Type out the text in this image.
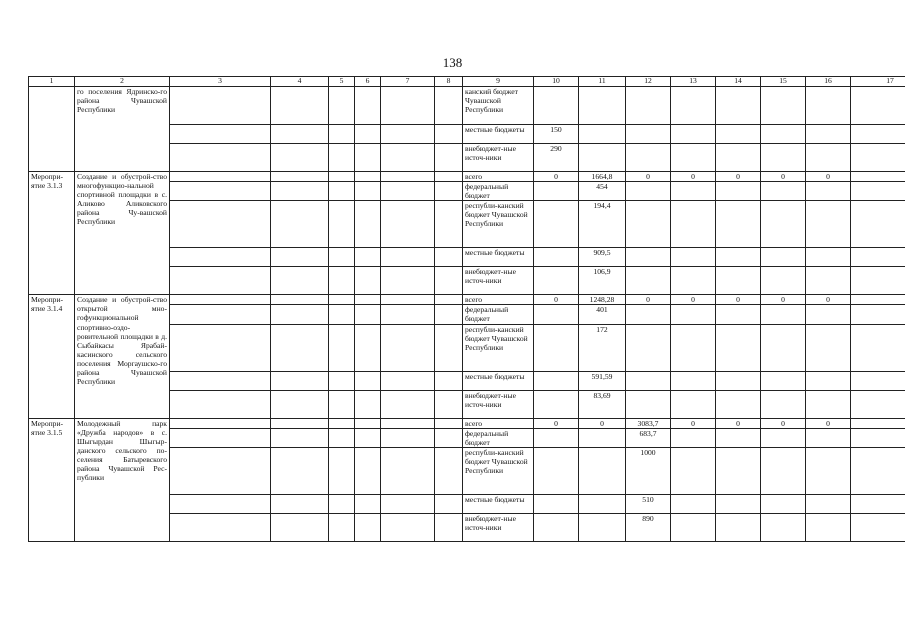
138
1	2	3	4	5	6	7	8	9	10	11	12	13	14	15	16	17
	го поселения Ядринско-го района Чувашской Республики							канский бюджет Чувашской Республики								
								местные бюджеты	150							
								внебюджет-ные источ-ники	290							
Меропри-ятие 3.1.3	Создание и обустрой-ство многофункцио-нальной спортивной площадки в с. Аликово Аликовского района Чу-вашской Республики							всего	0	1664,8	0	0	0	0	0	
								федеральный бюджет		454						
								республи-канский бюджет Чувашской Республики		194,4						
								местные бюджеты		909,5						
								внебюджет-ные источ-ники		106,9						
Меропри-ятие 3.1.4	Создание и обустрой-ство открытой мно-гофункциональной спортивно-оздо-ровительной площадки в д. Сыбайкасы Ярабай-касинского сельского поселения Моргаушско-го района Чувашской Республики							всего	0	1248,28	0	0	0	0	0	
								федеральный бюджет		401						
								республи-канский бюджет Чувашской Республики		172						
								местные бюджеты		591,59						
								внебюджет-ные источ-ники		83,69						
Меропри-ятие 3.1.5	Молодежный парк «Дружба народов» в с. Шыгырдан Шыгыр-данского сельского по-селения Батыревского района Чувашской Рес-публики							всего	0	0	3083,7	0	0	0	0	
								федеральный бюджет			683,7					
								республи-канский бюджет Чувашской Республики			1000					
								местные бюджеты			510					
								внебюджет-ные источ-ники			890					
